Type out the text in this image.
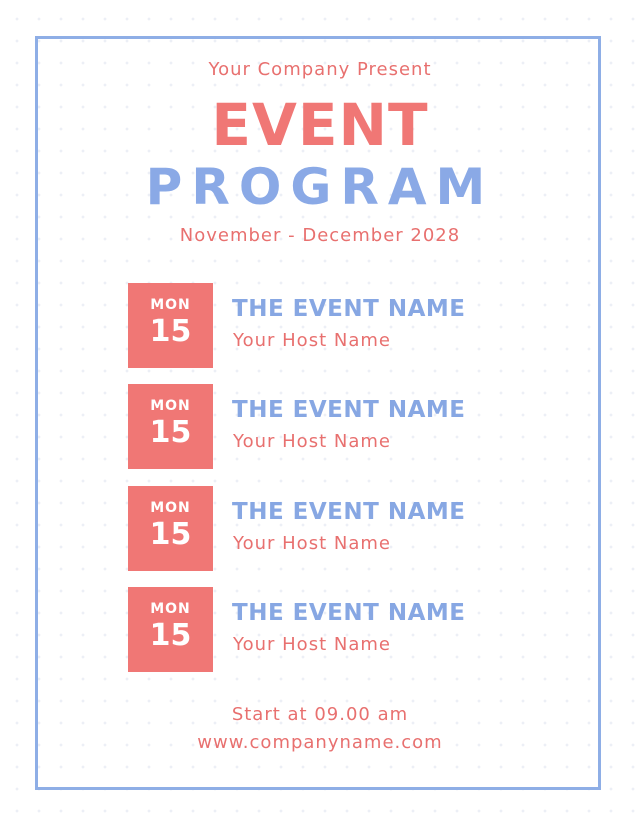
Your Company Present
EVENT
PROGRAM
November - December 2028
MON
15
THE EVENT NAME
Your Host Name
MON
15
THE EVENT NAME
Your Host Name
MON
15
THE EVENT NAME
Your Host Name
MON
15
THE EVENT NAME
Your Host Name
Start at 09.00 am
www.companyname.com
